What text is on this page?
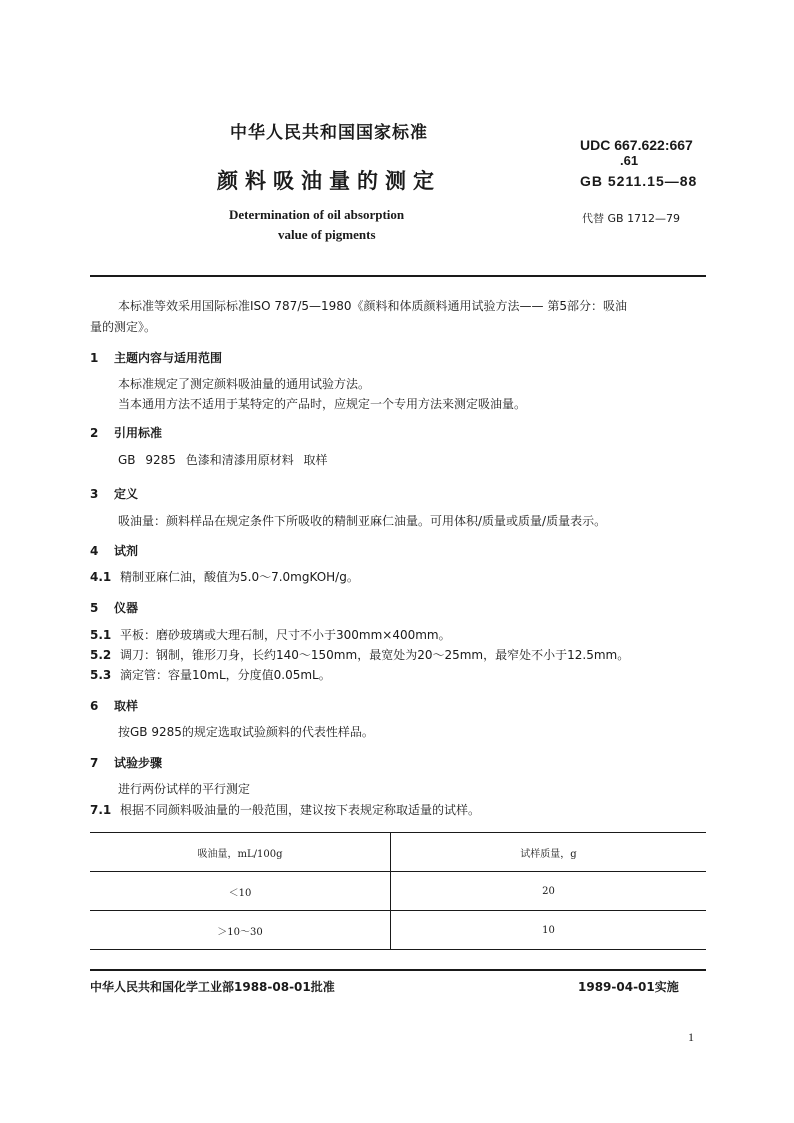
中华人民共和国国家标准
颜料吸油量的测定
Determination of oil absorption
value of pigments
UDC 667.622:667
.61
GB 5211.15—88
代替 GB 1712—79
本标准等效采用国际标准ISO 787/5—1980《颜料和体质颜料通用试验方法—— 第5部分：吸油
量的测定》。
1 主题内容与适用范围
本标准规定了测定颜料吸油量的通用试验方法。
当本通用方法不适用于某特定的产品时，应规定一个专用方法来测定吸油量。
2 引用标准
GB 9285 色漆和清漆用原材料 取样
3 定义
吸油量：颜料样品在规定条件下所吸收的精制亚麻仁油量。可用体积/质量或质量/质量表示。
4 试剂
4.1 精制亚麻仁油，酸值为5.0～7.0mgKOH/g。
5 仪器
5.1 平板：磨砂玻璃或大理石制，尺寸不小于300mm×400mm。
5.2 调刀：钢制，锥形刀身，长约140～150mm，最宽处为20～25mm，最窄处不小于12.5mm。
5.3 滴定管：容量10mL，分度值0.05mL。
6 取样
按GB 9285的规定选取试验颜料的代表性样品。
7 试验步骤
进行两份试样的平行测定
7.1 根据不同颜料吸油量的一般范围，建议按下表规定称取适量的试样。
吸油量，mL/100g	试样质量，g
＜10	20
＞10～30	10
中华人民共和国化学工业部1988-08-01批准	1989-04-01实施
1
